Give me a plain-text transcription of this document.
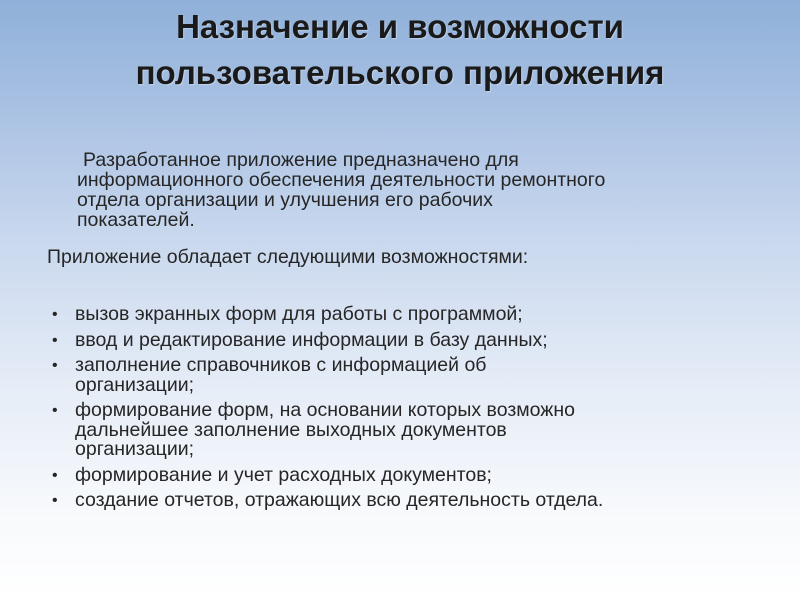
Назначение и возможности
пользовательского приложения
Разработанное приложение предназначено для
информационного обеспечения деятельности ремонтного
отдела организации и улучшения его рабочих
показателей.
Приложение обладает следующими возможностями:
• вызов экранных форм для работы с программой;
• ввод и редактирование информации в базу данных;
• заполнение справочников с информацией об
организации;
• формирование форм, на основании которых возможно
дальнейшее заполнение выходных документов
организации;
• формирование и учет расходных документов;
• создание отчетов, отражающих всю деятельность отдела.
